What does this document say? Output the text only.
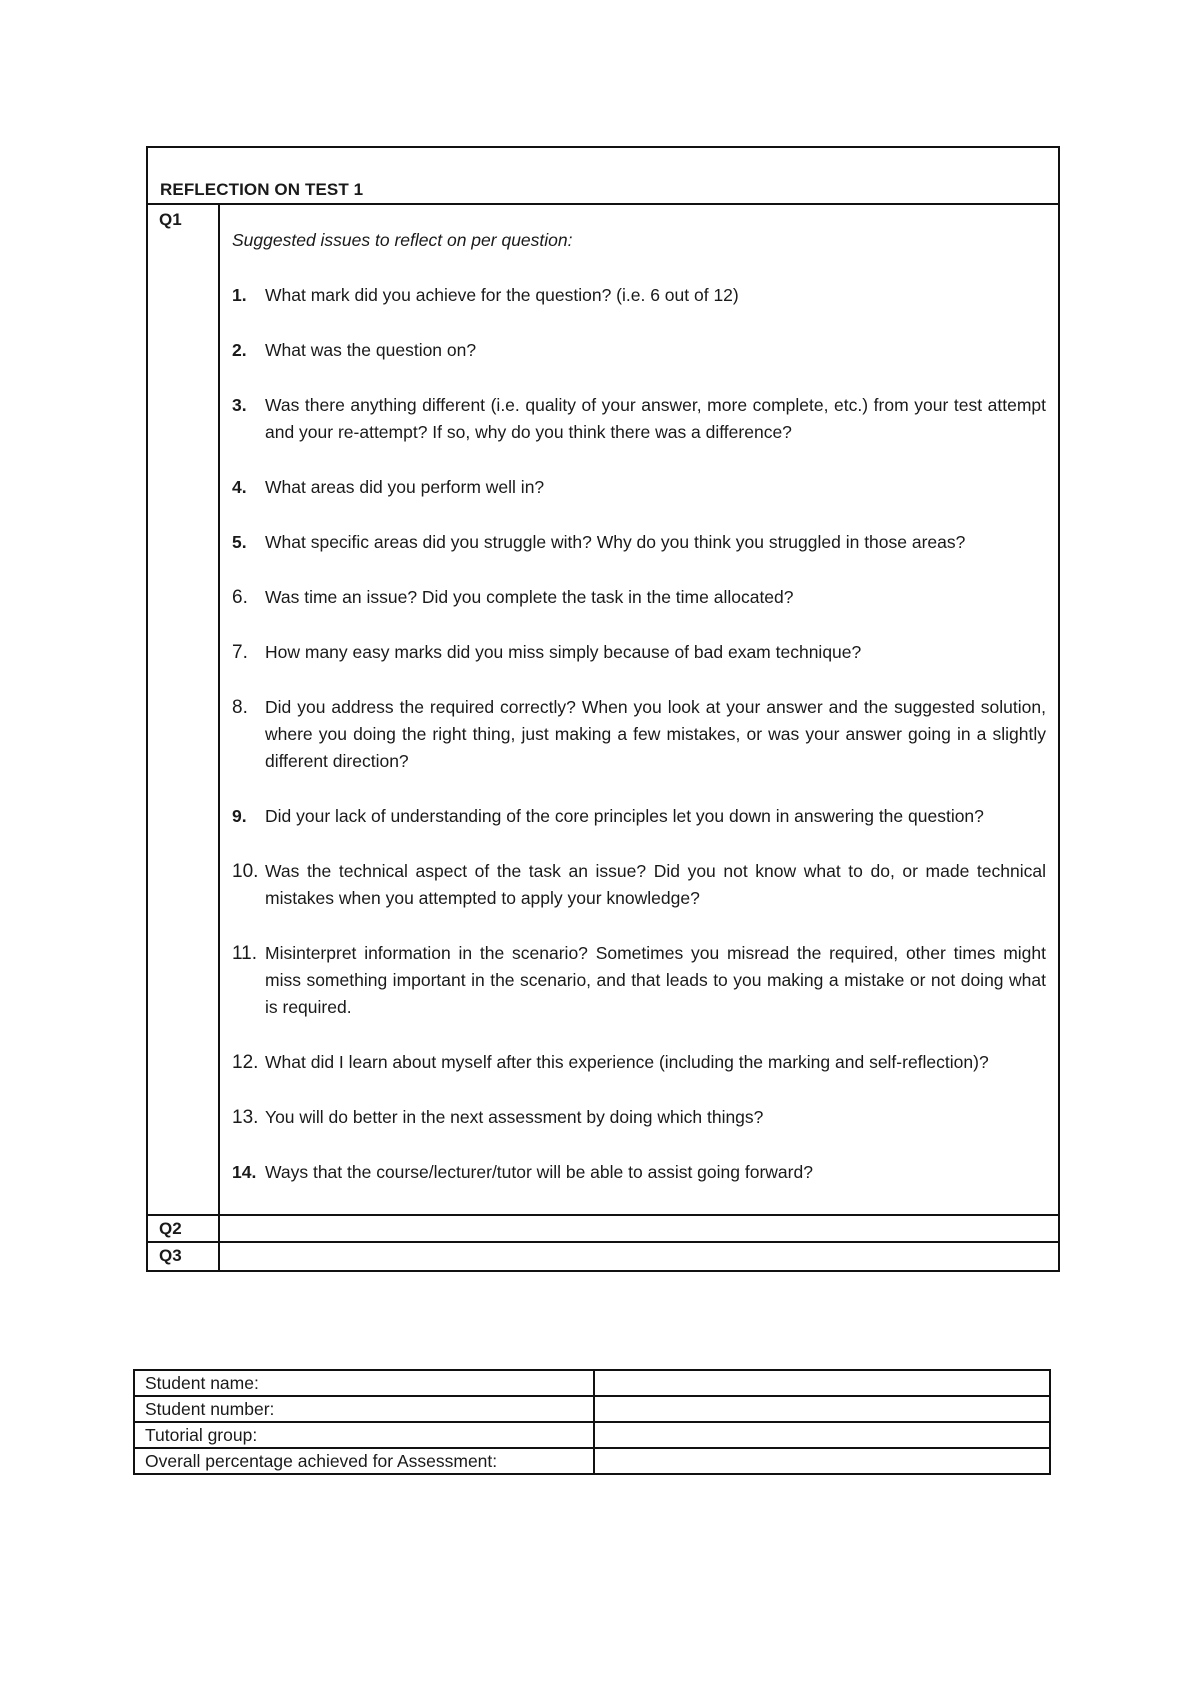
REFLECTION ON TEST 1
Q1

Suggested issues to reflect on per question:

1.	What mark did you achieve for the question? (i.e. 6 out of 12)
2.	What was the question on?
3.	Was there anything different (i.e. quality of your answer, more complete, etc.) from your test attempt and your re-attempt? If so, why do you think there was a difference?
4.	What areas did you perform well in?
5.	What specific areas did you struggle with? Why do you think you struggled in those areas?
6. Was time an issue? Did you complete the task in the time allocated?
7. How many easy marks did you miss simply because of bad exam technique?
8. Did you address the required correctly? When you look at your answer and the suggested solution, where you doing the right thing, just making a few mistakes, or was your answer going in a slightly different direction?
9.	Did your lack of understanding of the core principles let you down in answering the question?
10. Was the technical aspect of the task an issue? Did you not know what to do, or made technical mistakes when you attempted to apply your knowledge?
11. Misinterpret information in the scenario? Sometimes you misread the required, other times might miss something important in the scenario, and that leads to you making a mistake or not doing what is required.
12. What did I learn about myself after this experience (including the marking and self-reflection)?
13. You will do better in the next assessment by doing which things?
14. Ways that the course/lecturer/tutor will be able to assist going forward?
Q2
Q3
Student name:	
Student number:	
Tutorial group:	
Overall percentage achieved for Assessment:	
